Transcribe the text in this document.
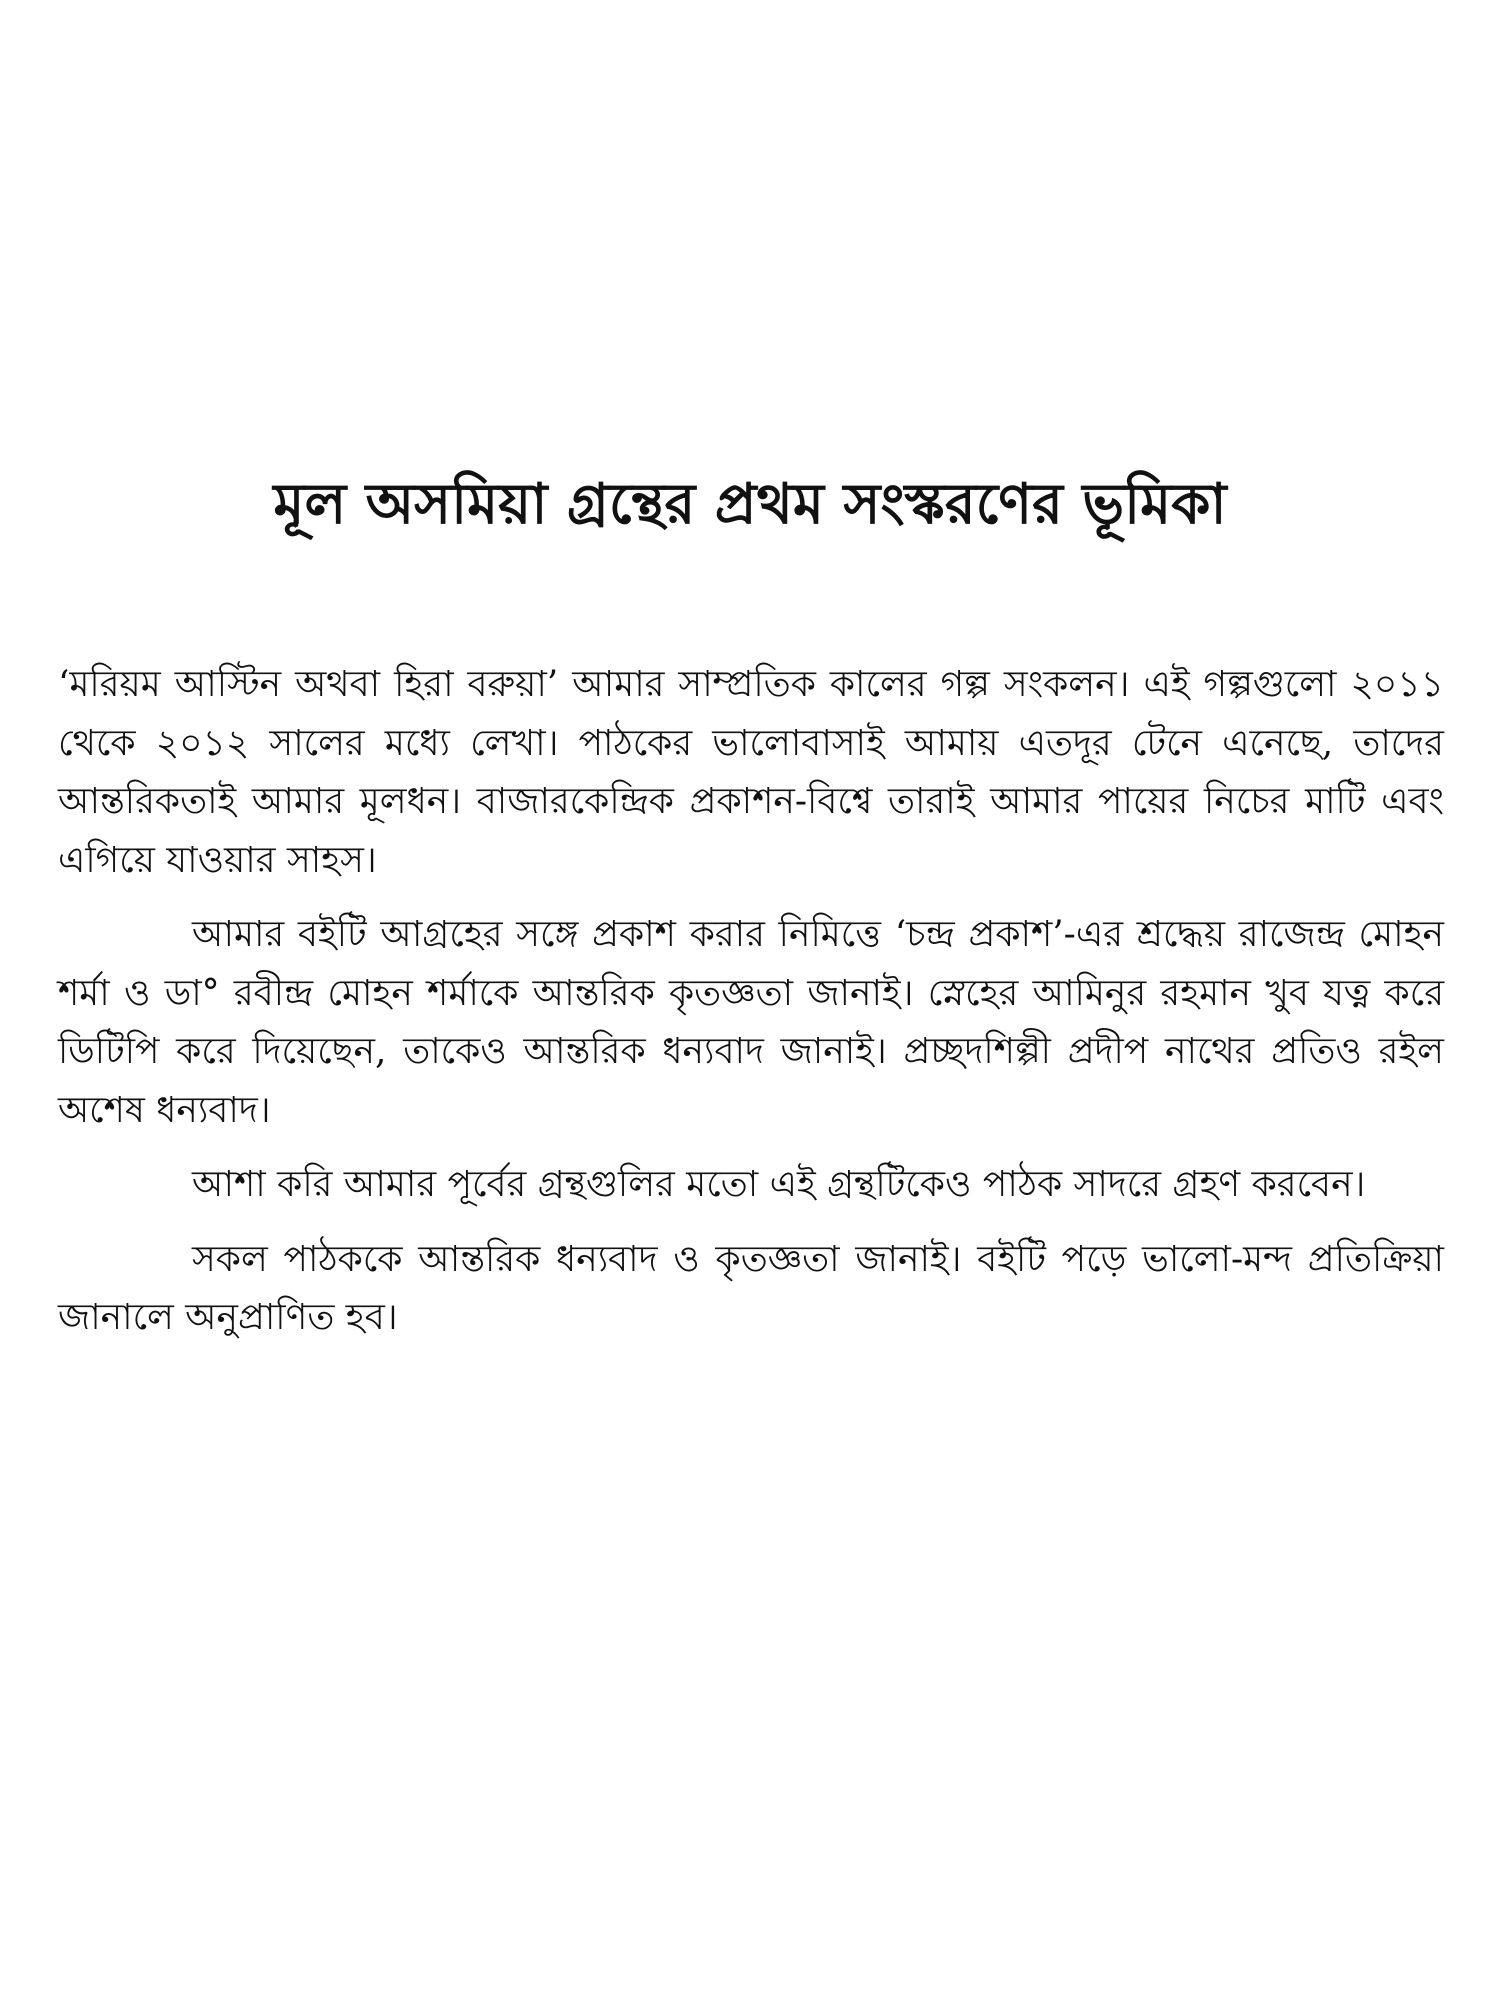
মূল অসমিয়া গ্রন্থের প্রথম সংস্করণের ভূমিকা

‘মরিয়ম আস্টিন অথবা হিরা বরুয়া’ আমার সাম্প্রতিক কালের গল্প সংকলন। এই গল্পগুলো ২০১১ থেকে ২০১২ সালের মধ্যে লেখা। পাঠকের ভালোবাসাই আমায় এতদূর টেনে এনেছে, তাদের আন্তরিকতাই আমার মূলধন। বাজারকেন্দ্রিক প্রকাশন-বিশ্বে তারাই আমার পায়ের নিচের মাটি এবং এগিয়ে যাওয়ার সাহস।

আমার বইটি আগ্রহের সঙ্গে প্রকাশ করার নিমিত্তে ‘চন্দ্র প্রকাশ’-এর শ্রদ্ধেয় রাজেন্দ্র মোহন শর্মা ও ডা° রবীন্দ্র মোহন শর্মাকে আন্তরিক কৃতজ্ঞতা জানাই। স্নেহের আমিনুর রহমান খুব যত্ন করে ডিটিপি করে দিয়েছেন, তাকেও আন্তরিক ধন্যবাদ জানাই। প্রচ্ছদশিল্পী প্রদীপ নাথের প্রতিও রইল অশেষ ধন্যবাদ।

আশা করি আমার পূর্বের গ্রন্থগুলির মতো এই গ্রন্থটিকেও পাঠক সাদরে গ্রহণ করবেন।

সকল পাঠককে আন্তরিক ধন্যবাদ ও কৃতজ্ঞতা জানাই। বইটি পড়ে ভালো-মন্দ প্রতিক্রিয়া জানালে অনুপ্রাণিত হব।
